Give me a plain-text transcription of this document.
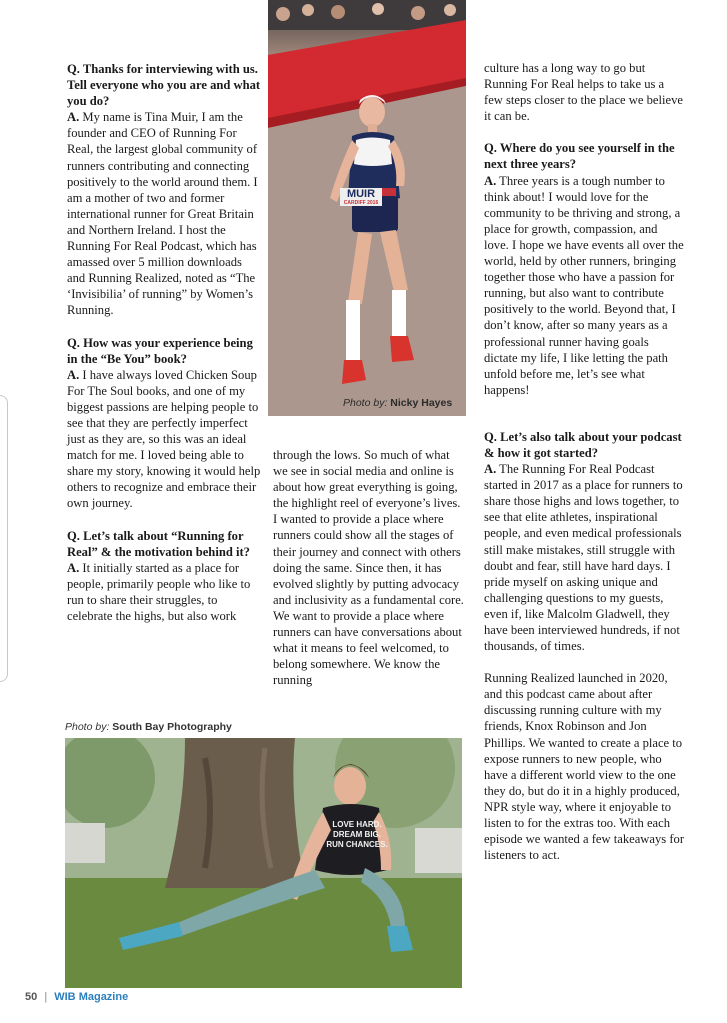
Q. Thanks for interviewing with us. Tell everyone who you are and what you do?
A. My name is Tina Muir, I am the founder and CEO of Running For Real, the largest global community of runners contributing and connecting positively to the world around them. I am a mother of two and former international runner for Great Britain and Northern Ireland. I host the Running For Real Podcast, which has amassed over 5 million downloads and Running Realized, noted as “The ‘Invisibilia’ of running” by Women’s Running.

Q. How was your experience being in the “Be You” book?
A. I have always loved Chicken Soup For The Soul books, and one of my biggest passions are helping people to see that they are perfectly imperfect just as they are, so this was an ideal match for me. I loved being able to share my story, knowing it would help others to recognize and embrace their own journey.

Q. Let’s talk about “Running for Real” & the motivation behind it?
A. It initially started as a place for people, primarily people who like to run to share their struggles, to celebrate the highs, but also work

MUIR
CARDIFF 2016
Photo by: Nicky Hayes

through the lows. So much of what we see in social media and online is about how great everything is going, the highlight reel of everyone’s lives. I wanted to provide a place where runners could show all the stages of their journey and connect with others doing the same. Since then, it has evolved slightly by putting advocacy and inclusivity as a fundamental core. We want to provide a place where runners can have conversations about what it means to feel welcomed, to belong somewhere. We know the running

culture has a long way to go but Running For Real helps to take us a few steps closer to the place we believe it can be.

Q. Where do you see yourself in the next three years?
A. Three years is a tough number to think about! I would love for the community to be thriving and strong, a place for growth, compassion, and love. I hope we have events all over the world, held by other runners, bringing together those who have a passion for running, but also want to contribute positively to the world. Beyond that, I don’t know, after so many years as a professional runner having goals dictate my life, I like letting the path unfold before me, let’s see what happens!

Q. Let’s also talk about your podcast & how it got started?
A. The Running For Real Podcast started in 2017 as a place for runners to share those highs and lows together, to see that elite athletes, inspirational people, and even medical professionals still make mistakes, still struggle with doubt and fear, still have hard days. I pride myself on asking unique and challenging questions to my guests, even if, like Malcolm Gladwell, they have been interviewed hundreds, if not thousands, of times.

Running Realized launched in 2020, and this podcast came about after discussing running culture with my friends, Knox Robinson and Jon Phillips. We wanted to create a place to expose runners to new people, who have a different world view to the one they do, but do it in a highly produced, NPR style way, where it enjoyable to listen to for the extras too. With each episode we wanted a few takeaways for listeners to act.

Photo by: South Bay Photography
LOVE HARD.
DREAM BIG.
RUN CHANCES.
50 | WIB Magazine
